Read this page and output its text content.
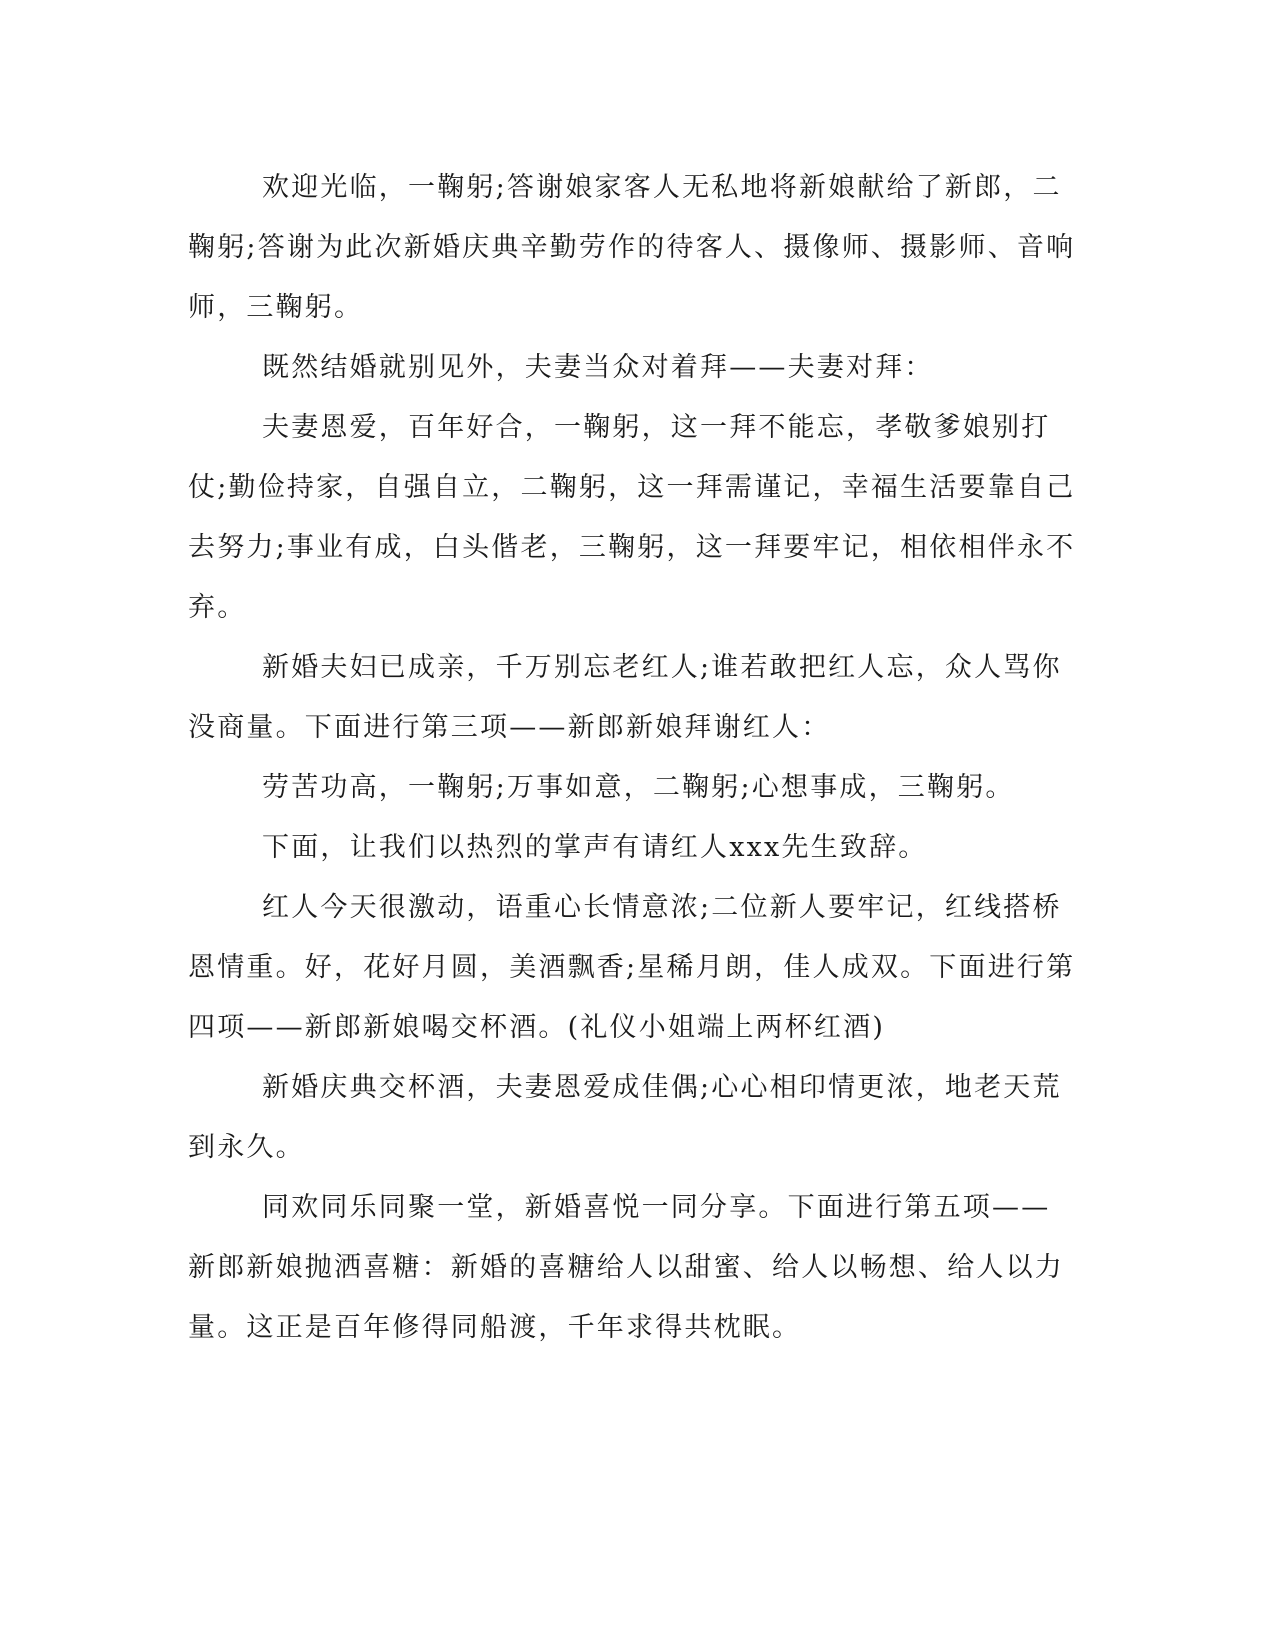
欢迎光临，一鞠躬;答谢娘家客人无私地将新娘献给了新郎，二鞠躬;答谢为此次新婚庆典辛勤劳作的待客人、摄像师、摄影师、音响师，三鞠躬。

既然结婚就别见外，夫妻当众对着拜——夫妻对拜：

夫妻恩爱，百年好合，一鞠躬，这一拜不能忘，孝敬爹娘别打仗;勤俭持家，自强自立，二鞠躬，这一拜需谨记，幸福生活要靠自己去努力;事业有成，白头偕老，三鞠躬，这一拜要牢记，相依相伴永不弃。

新婚夫妇已成亲，千万别忘老红人;谁若敢把红人忘，众人骂你没商量。下面进行第三项——新郎新娘拜谢红人：

劳苦功高，一鞠躬;万事如意，二鞠躬;心想事成，三鞠躬。

下面，让我们以热烈的掌声有请红人xxx先生致辞。

红人今天很激动，语重心长情意浓;二位新人要牢记，红线搭桥恩情重。好，花好月圆，美酒飘香;星稀月朗，佳人成双。下面进行第四项——新郎新娘喝交杯酒。(礼仪小姐端上两杯红酒)

新婚庆典交杯酒，夫妻恩爱成佳偶;心心相印情更浓，地老天荒到永久。

同欢同乐同聚一堂，新婚喜悦一同分享。下面进行第五项——新郎新娘抛洒喜糖：新婚的喜糖给人以甜蜜、给人以畅想、给人以力量。这正是百年修得同船渡，千年求得共枕眠。
